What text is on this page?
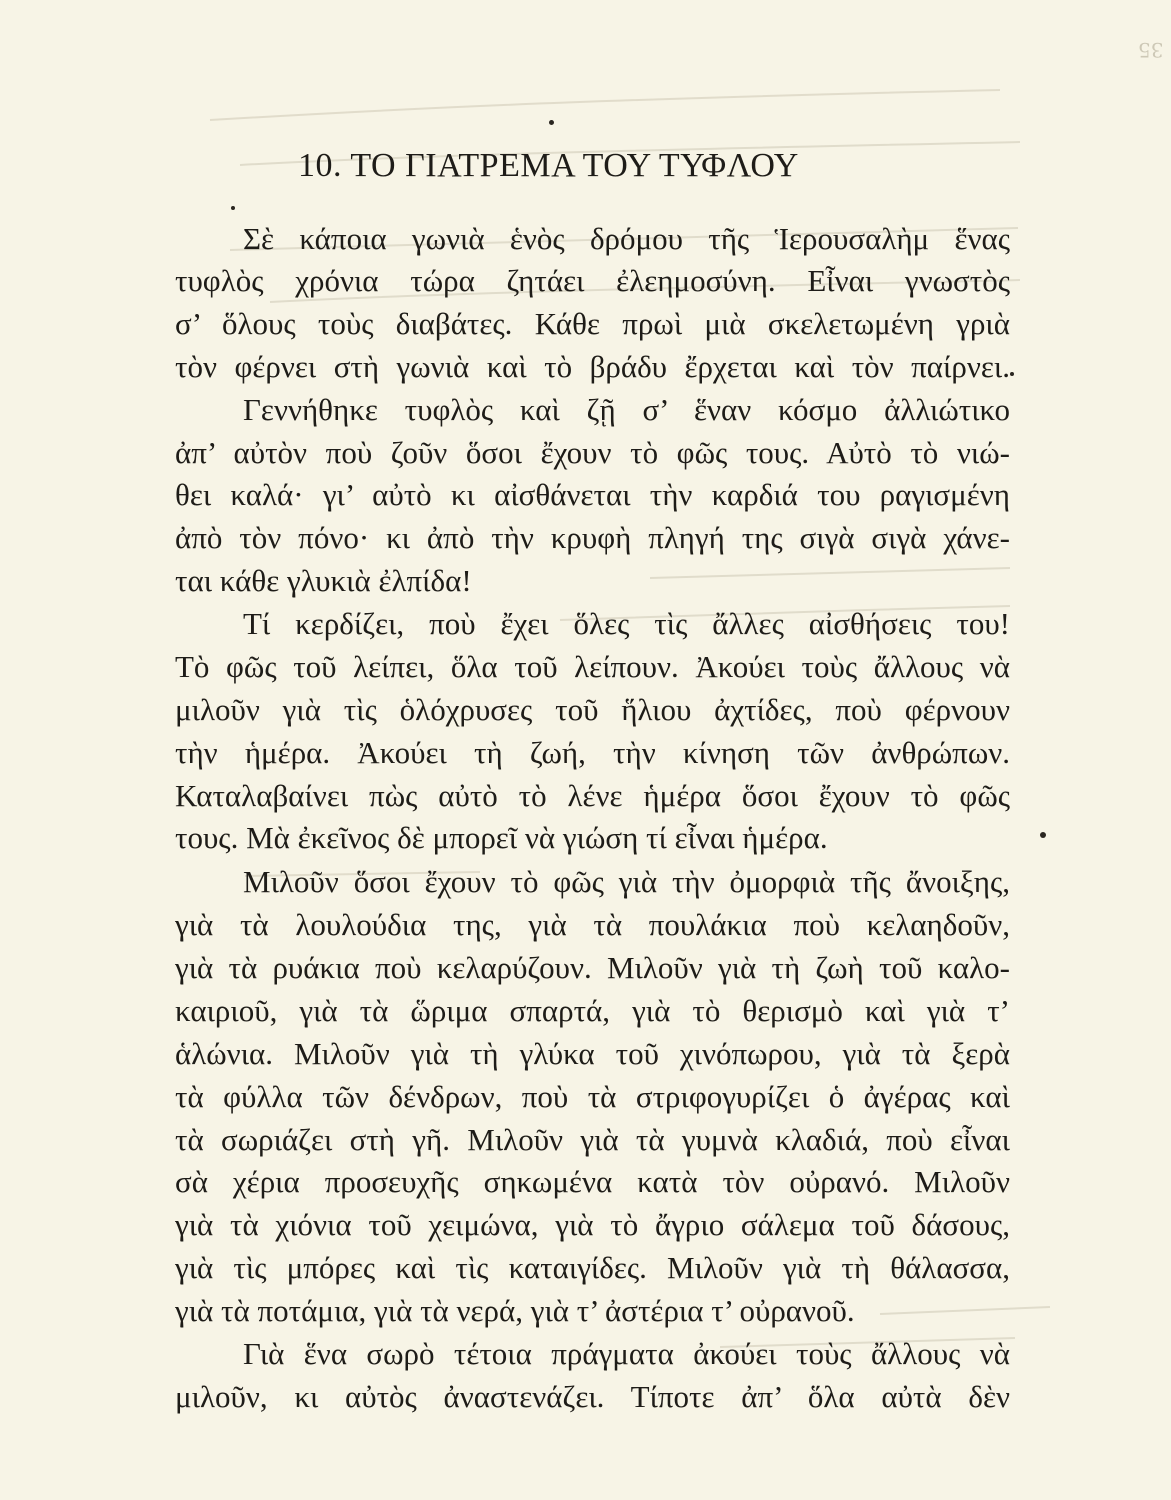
35
10. ΤΟ ΓΙΑΤΡΕΜΑ ΤΟΥ ΤΥΦΛΟΥ
Σὲ κάποια γωνιὰ ἑνὸς δρόμου τῆς Ἱερουσαλὴμ ἕνας
τυφλὸς χρόνια τώρα ζητάει ἐλεημοσύνη. Εἶναι γνωστὸς
σ’ ὅλους τοὺς διαβάτες. Κάθε πρωὶ μιὰ σκελετωμένη γριὰ
τὸν φέρνει στὴ γωνιὰ καὶ τὸ βράδυ ἔρχεται καὶ τὸν παίρνει.
Γεννήθηκε τυφλὸς καὶ ζῇ σ’ ἕναν κόσμο ἀλλιώτικο
ἀπ’ αὐτὸν ποὺ ζοῦν ὅσοι ἔχουν τὸ φῶς τους. Αὐτὸ τὸ νιώ-
θει καλά· γι’ αὐτὸ κι αἰσθάνεται τὴν καρδιά του ραγισμένη
ἀπὸ τὸν πόνο· κι ἀπὸ τὴν κρυφὴ πληγή της σιγὰ σιγὰ χάνε-
ται κάθε γλυκιὰ ἐλπίδα!
Τί κερδίζει, ποὺ ἔχει ὅλες τὶς ἄλλες αἰσθήσεις του!
Τὸ φῶς τοῦ λείπει, ὅλα τοῦ λείπουν. Ἀκούει τοὺς ἄλλους νὰ
μιλοῦν γιὰ τὶς ὁλόχρυσες τοῦ ἥλιου ἀχτίδες, ποὺ φέρνουν
τὴν ἡμέρα. Ἀκούει τὴ ζωή, τὴν κίνηση τῶν ἀνθρώπων.
Καταλαβαίνει πὼς αὐτὸ τὸ λένε ἡμέρα ὅσοι ἔχουν τὸ φῶς
τους. Μὰ ἐκεῖνος δὲ μπορεῖ νὰ γιώση τί εἶναι ἡμέρα.
Μιλοῦν ὅσοι ἔχουν τὸ φῶς γιὰ τὴν ὀμορφιὰ τῆς ἄνοιξης,
γιὰ τὰ λουλούδια της, γιὰ τὰ πουλάκια ποὺ κελαηδοῦν,
γιὰ τὰ ρυάκια ποὺ κελαρύζουν. Μιλοῦν γιὰ τὴ ζωὴ τοῦ καλο-
καιριοῦ, γιὰ τὰ ὥριμα σπαρτά, γιὰ τὸ θερισμὸ καὶ γιὰ τ’
ἁλώνια. Μιλοῦν γιὰ τὴ γλύκα τοῦ χινόπωρου, γιὰ τὰ ξερὰ
τὰ φύλλα τῶν δένδρων, ποὺ τὰ στριφογυρίζει ὁ ἀγέρας καὶ
τὰ σωριάζει στὴ γῆ. Μιλοῦν γιὰ τὰ γυμνὰ κλαδιά, ποὺ εἶναι
σὰ χέρια προσευχῆς σηκωμένα κατὰ τὸν οὐρανό. Μιλοῦν
γιὰ τὰ χιόνια τοῦ χειμώνα, γιὰ τὸ ἄγριο σάλεμα τοῦ δάσους,
γιὰ τὶς μπόρες καὶ τὶς καταιγίδες. Μιλοῦν γιὰ τὴ θάλασσα,
γιὰ τὰ ποτάμια, γιὰ τὰ νερά, γιὰ τ’ ἀστέρια τ’ οὐρανοῦ.
Γιὰ ἕνα σωρὸ τέτοια πράγματα ἀκούει τοὺς ἄλλους νὰ
μιλοῦν, κι αὐτὸς ἀναστενάζει. Τίποτε ἀπ’ ὅλα αὐτὰ δὲν
